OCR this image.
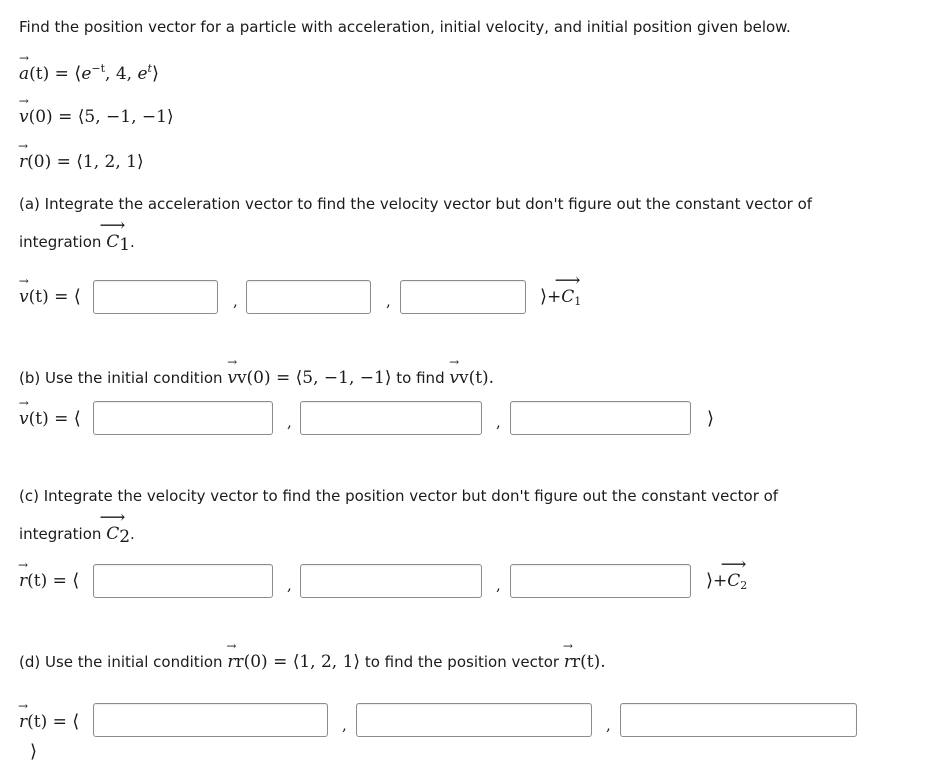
Find the position vector for a particle with acceleration, initial velocity, and initial position given below.
→ $a(t) = ⟨e^{-t}$, 4, $e^t⟩$
→ v(0) = ⟨5, −1, −1⟩
→ r(0) = ⟨1, 2, 1⟩
(a) Integrate the acceleration vector to find the velocity vector but don't figure out the constant vector of
integration ⟶ $C_1$.
→ v(t) = ⟨	,	,	⟩+⟶ $C_1$
(b) Use the initial condition → vv(0) = ⟨5, −1, −1⟩ to find → vv(t).
→ v(t) = ⟨	,	,	⟩
(c) Integrate the velocity vector to find the position vector but don't figure out the constant vector of
integration ⟶ $C_2$.
→ r(t) = ⟨	,	,	⟩+⟶ $C_2$
(d) Use the initial condition → rr(0) = ⟨1, 2, 1⟩ to find the position vector → rr(t).
→ r(t) = ⟨	,	,
⟩
